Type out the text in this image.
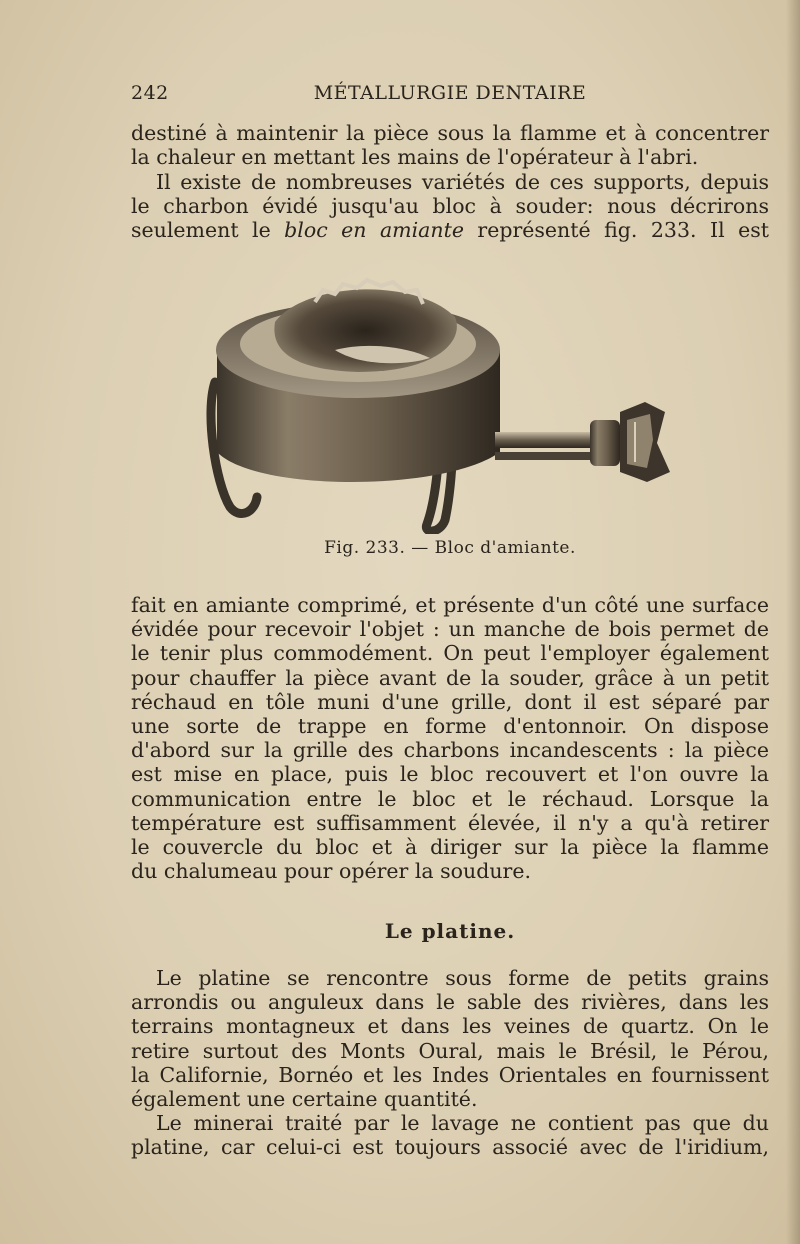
242	MÉTALLURGIE DENTAIRE

destiné à maintenir la pièce sous la flamme et à concentrer
la chaleur en mettant les mains de l'opérateur à l'abri.

Il existe de nombreuses variétés de ces supports, depuis
le charbon évidé jusqu'au bloc à souder: nous décrirons
seulement le bloc en amiante représenté fig. 233. Il est

Fig. 233. — Bloc d'amiante.

fait en amiante comprimé, et présente d'un côté une surface
évidée pour recevoir l'objet : un manche de bois permet de
le tenir plus commodément. On peut l'employer également
pour chauffer la pièce avant de la souder, grâce à un petit
réchaud en tôle muni d'une grille, dont il est séparé par
une sorte de trappe en forme d'entonnoir. On dispose
d'abord sur la grille des charbons incandescents : la pièce
est mise en place, puis le bloc recouvert et l'on ouvre la
communication entre le bloc et le réchaud. Lorsque la
température est suffisamment élevée, il n'y a qu'à retirer
le couvercle du bloc et à diriger sur la pièce la flamme
du chalumeau pour opérer la soudure.

Le platine.

Le platine se rencontre sous forme de petits grains
arrondis ou anguleux dans le sable des rivières, dans les
terrains montagneux et dans les veines de quartz. On le
retire surtout des Monts Oural, mais le Brésil, le Pérou,
la Californie, Bornéo et les Indes Orientales en fournissent
également une certaine quantité.

Le minerai traité par le lavage ne contient pas que du
platine, car celui-ci est toujours associé avec de l'iridium,
